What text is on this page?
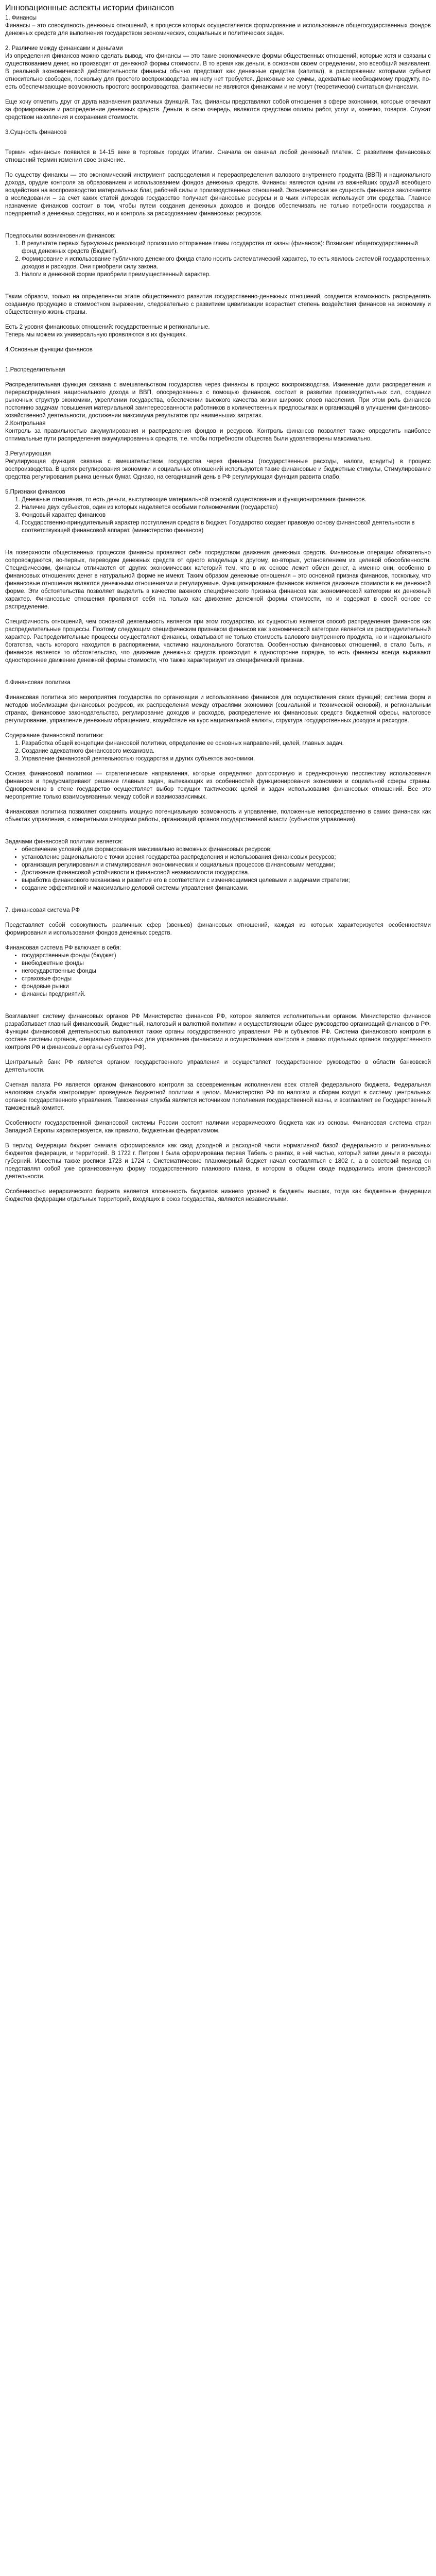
Инновационные аспекты истории финансов
1. Финансы

Финансы – это совокупность денежных отношений, в процессе которых осуществляется формирование и использование общегосударственных фондов денежных средств для выполнения государством экономических, социальных и политических задач.

2. Различие между финансами и деньгами

Из определения финансов можно сделать вывод, что финансы — это такие экономические формы общественных отношений, которые хотя и связаны с существованием денег, но производят от денежной формы стоимости. В то время как деньги, в основном своем определении, это всеобщий эквивалент. В реальной экономической действительности финансы обычно предстают как денежные средства (капитал), в распоряжении которыми субъект относительно свободен, поскольку для простого воспроизводства им нету нет требуется. Денежные же суммы, адекватные необходимому продукту, по-есть обеспечивающие возможность простого воспроизводства, фактически не являются финансами и не могут (теоретически) считаться финансами.

Еще хочу отметить друг от друга назначения различных функций. Так, финансы представляют собой отношения в сфере экономики, которые отвечают за формирование и распределение денежных средств. Деньги, в свою очередь, являются средством оплаты работ, услуг и, конечно, товаров. Служат средством накопления и сохранения стоимости.

3.Сущность финансов

Термин «финансы» появился в 14-15 веке в торговых городах Италии. Сначала он означал любой денежный платеж. С развитием финансовых отношений термин изменил свое значение.

По существу финансы — это экономический инструмент распределения и перераспределения валового внутреннего продукта (ВВП) и национального дохода, орудие контроля за образованием и использованием фондов денежных средств. Финансы являются одним из важнейших орудий всеобщего воздействия на воспроизводство материальных благ, рабочей силы и производственных отношений. Экономическая же сущность финансов заключается в исследовании – за счет каких статей доходов государство получает финансовые ресурсы и в чьих интересах используют эти средства. Главное назначение финансов состоит в том, чтобы путем создания денежных доходов и фондов обеспечивать не только потребности государства и предприятий в денежных средствах, но и контроль за расходованием финансовых ресурсов.

Предпосылки возникновения финансов:
1. В результате первых буржуазных революций произошло отторжение главы государства от казны (финансов): Возникает общегосударственный фонд денежных средств (Бюджет).
2. Формирование и использование публичного денежного фонда стало носить систематический характер, то есть явилось системой государственных доходов и расходов. Они приобрели силу закона.
3. Налоги в денежной форме приобрели преимущественный характер.

Таким образом, только на определенном этапе общественного развития государственно-денежных отношений, создается возможность распределять созданную продукцию в стоимостном выражении, следовательно с развитием цивилизации возрастает степень воздействия финансов на экономику и общественную жизнь страны.

Есть 2 уровня финансовых отношений: государственные и региональные.

Теперь мы можем их универсальную проявляются в их функциях.

4.Основные функции финансов
1.Распределительная

Распределительная функция связана с вмешательством государства через финансы в процесс воспроизводства. Изменение доли распределения и перераспределения национального дохода и ВВП, опосредованных с помощью финансов, состоит в развитии производительных сил, создании рыночных структур экономики, укреплении государства, обеспечении высокого качества жизни широких слоев населения. При этом роль финансов постоянно задачам повышения материальной заинтересованности работников в количественных предпосылках и организаций в улучшении финансово-хозяйственной деятельности, достижении максимума результатов при наименьших затратах.

2.Контрольная

Контроль за правильностью аккумулирования и распределения фондов и ресурсов. Контроль финансов позволяет также определить наиболее оптимальные пути распределения аккумулированных средств, т.е. чтобы потребности общества были удовлетворены максимально.

3.Регулирующая

Регулирующая функция связана с вмешательством государства через финансы (государственные расходы, налоги, кредиты) в процесс воспроизводства. В целях регулирования экономики и социальных отношений используются такие финансовые и бюджетные стимулы, Стимулирование средства регулирования рынка ценных бумаг. Однако, на сегодняшний день в РФ регулирующая функция развита слабо.

5.Признаки финансов
1. Денежные отношения, то есть деньги, выступающие материальной основой существования и функционирования финансов.
2. Наличие двух субъектов, один из которых наделяется особыми полномочиями (государство)
3. Фондовый характер финансов
4. Государственно-принудительный характер поступления средств в бюджет. Государство создает правовую основу финансовой деятельности в соответствующей финансовой аппарат. (министерство финансов)

На поверхности общественных процессов финансы проявляют себя посредством движения денежных средств. Финансовые операции обязательно сопровождаются, во-первых, переводом денежных средств от одного владельца к другому, во-вторых, установлением их целевой обособленности. Специфическим, финансы отличаются от других экономических категорий тем, что в их основе лежит обмен денег, а именно они, особенно в финансовых отношениях денег в натуральной форме не имеют. Таким образом денежные отношения – это основной признак финансов, поскольку, что финансовые отношения являются денежными отношениями и регулируемые. Функционирование финансов является движение стоимости в ее денежной форме. Эти обстоятельства позволяет выделить в качестве важного специфического признака финансов как экономической категории их денежный характер. Финансовые отношения проявляют себя на только как движение денежной формы стоимости, но и содержат в своей основе ее распределение.

Специфичность отношений, чем основной деятельность является при этом государство, их сущностью является способ распределения финансов как распределительные процессы. Поэтому следующим специфическим признаком финансов как экономической категории является их распределительный характер. Распределительные процессы осуществляют финансы, охватывают не только стоимость валового внутреннего продукта, но и национального богатства, часть которого находится в распоряжении, частично национального богатства. Особенностью финансовых отношений, в стало быть, и финансов является то обстоятельство, что движение денежных средств происходит в односторонне порядке, то есть финансы всегда выражают одностороннее движение денежной формы стоимости, что также характеризует их специфический признак.

6.Финансовая политика

Финансовая политика это мероприятия государства по организации и использованию финансов для осуществления своих функций; система форм и методов мобилизации финансовых ресурсов, их распределения между отраслями экономики (социальной и технической основой), и региональным странах, финансовое законодательство, регулирование доходов и расходов, распределение их финансовых средств бюджетной сферы, налоговое регулирование, управление денежным обращением, воздействие на курс национальной валюты, структура государственных доходов и расходов.

Содержание финансовой политики:

1. Разработка общей концепции финансовой политики, определение ее основных направлений, целей, главных задач.
2. Создание адекватного финансового механизма.
3. Управление финансовой деятельностью государства и других субъектов экономики.

Основа финансовой политики — стратегические направления, которые определяют долгосрочную и среднесрочную перспективу использования финансов и предусматривают решение главных задач, вытекающих из особенностей функционирования экономики и социальной сферы страны. Одновременно в стене государство осуществляет выбор текущих тактических целей и задач использования финансовых отношений. Все это мероприятие только взаимоувязанных между собой и взаимозависимых.

Финансовая политика позволяет сохранить мощную потенциальную возможность и управление, положенные непосредственно в самих финансах как объектах управления, с конкретными методами работы, организаций органов государственной власти (субъектов управления).

Задачами финансовой политики является:
• обеспечение условий для формирования максимально возможных финансовых ресурсов;
• установление рационального с точки зрения государства распределения и использования финансовых ресурсов;
• организация регулирования и стимулирования экономических и социальных процессов финансовыми методами;
• Достижение финансовой устойчивости и финансовой независимости государства.
• выработка финансового механизма и развитие его в соответствии с изменяющимися целевыми и задачами стратегии;
• создание эффективной и максимально деловой системы управления финансами.
7. финансовая система РФ

Представляет собой совокупность различных сфер (звеньев) финансовых отношений, каждая из которых характеризуется особенностями формирования и использования фондов денежных средств.

Финансовая система РФ включает в себя:

• государственные фонды (бюджет)
• внебюджетные фонды
• негосударственные фонды
• страховые фонды
• фондовые рынки
• финансы предприятий.

Возглавляет систему финансовых органов РФ Министерство финансов РФ, которое является исполнительным органом. Министерство финансов разрабатывает главный финансовый, бюджетный, налоговый и валютной политики и осуществляющим общее руководство организаций финансов в РФ. Функции финансовой деятельностью выполняют также органы государственного управления РФ и субъектов РФ. Система финансового контроля в составе системы органов, специально созданных для управления финансами и осуществления контроля в рамках отдельных органов государственного контроля РФ и финансовые органы субъектов РФ).

Центральный банк РФ является органом государственного управления и осуществляет государственное руководство в области банковской деятельности.

Счетная палата РФ является органом финансового контроля за своевременным исполнением всех статей федерального бюджета. Федеральная налоговая служба контролирует проведение бюджетной политики в целом. Министерство РФ по налогам и сборам входит в систему центральных органов государственного управления. Таможенная служба является источником пополнения государственной казны, и возглавляет ее Государственный таможенный комитет.

Особенности государственной финансовой системы России состоят наличии иерархического бюджета как из основы. Финансовая система стран Западной Европы характеризуется, как правило, бюджетным федерализмом.

В период Федерации бюджет сначала сформировался как свод доходной и расходной части нормативной базой федерального и региональных бюджетов федерации, и территорий. В 1722 г. Петром I была сформирована первая Табель о рангах, в ней частью, который затем деньги в расходы губерний. Известны также росписи 1723 и 1724 г. Систематические планомерный бюджет начал составляться с 1802 г., а в советский период он представлял собой уже организованную форму государственного планового плана, в котором в общем своде подводились итоги финансовой деятельности.

Особенностью иерархического бюджета является вложенность бюджетов нижнего уровней в бюджеты высших, тогда как бюджетные федерации бюджетов федерации отдельных территорий, входящих в союз государства, являются независимыми.
